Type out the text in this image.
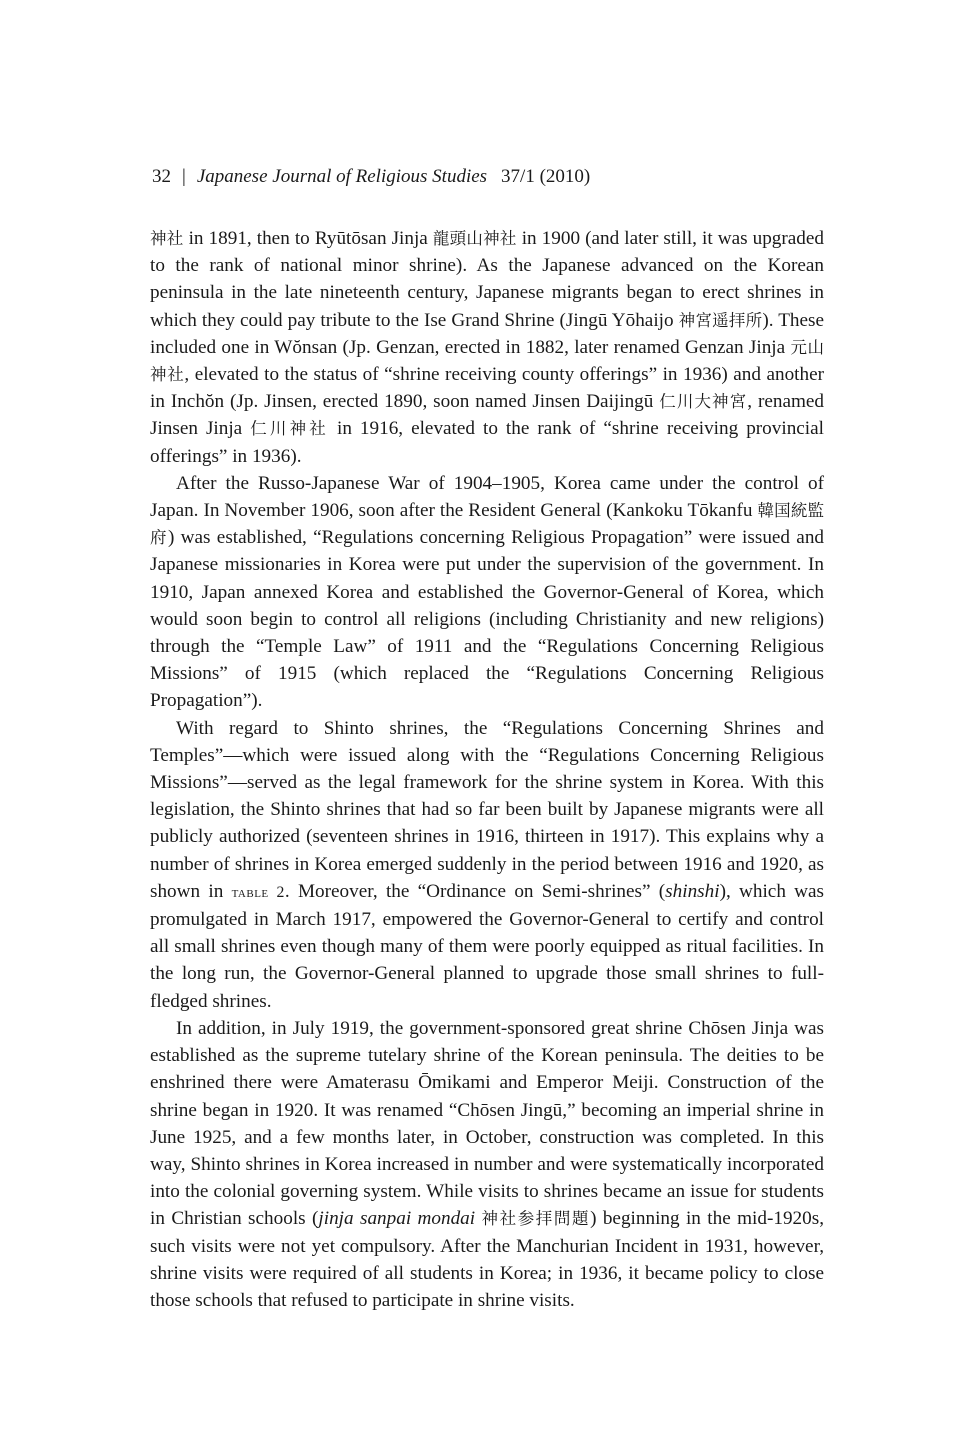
32 | Japanese Journal of Religious Studies 37/1 (2010)

神社 in 1891, then to Ryūtōsan Jinja 龍頭山神社 in 1900 (and later still, it was upgraded to the rank of national minor shrine). As the Japanese advanced on the Korean peninsula in the late nineteenth century, Japanese migrants began to erect shrines in which they could pay tribute to the Ise Grand Shrine (Jingū Yōhaijo 神宮遥拝所). These included one in Wŏnsan (Jp. Genzan, erected in 1882, later renamed Genzan Jinja 元山神社, elevated to the status of “shrine receiving county offerings” in 1936) and another in Inchŏn (Jp. Jinsen, erected 1890, soon named Jinsen Daijingū 仁川大神宮, renamed Jinsen Jinja 仁川神社 in 1916, elevated to the rank of “shrine receiving provincial offerings” in 1936).

After the Russo-Japanese War of 1904–1905, Korea came under the control of Japan. In November 1906, soon after the Resident General (Kankoku Tōkanfu 韓国統監府) was established, “Regulations concerning Religious Propagation” were issued and Japanese missionaries in Korea were put under the supervision of the government. In 1910, Japan annexed Korea and established the Governor-General of Korea, which would soon begin to control all religions (including Christianity and new religions) through the “Temple Law” of 1911 and the “Regulations Concerning Religious Missions” of 1915 (which replaced the “Regulations Concerning Religious Propagation”).

With regard to Shinto shrines, the “Regulations Concerning Shrines and Temples”—which were issued along with the “Regulations Concerning Religious Missions”—served as the legal framework for the shrine system in Korea. With this legislation, the Shinto shrines that had so far been built by Japanese migrants were all publicly authorized (seventeen shrines in 1916, thirteen in 1917). This explains why a number of shrines in Korea emerged suddenly in the period between 1916 and 1920, as shown in table 2. Moreover, the “Ordinance on Semi-shrines” (shinshi), which was promulgated in March 1917, empowered the Governor-General to certify and control all small shrines even though many of them were poorly equipped as ritual facilities. In the long run, the Governor-General planned to upgrade those small shrines to full-fledged shrines.

In addition, in July 1919, the government-sponsored great shrine Chōsen Jinja was established as the supreme tutelary shrine of the Korean peninsula. The deities to be enshrined there were Amaterasu Ōmikami and Emperor Meiji. Construction of the shrine began in 1920. It was renamed “Chōsen Jingū,” becoming an imperial shrine in June 1925, and a few months later, in October, construction was completed. In this way, Shinto shrines in Korea increased in number and were systematically incorporated into the colonial governing system. While visits to shrines became an issue for students in Christian schools (jinja sanpai mondai 神社参拝問題) beginning in the mid-1920s, such visits were not yet compulsory. After the Manchurian Incident in 1931, however, shrine visits were required of all students in Korea; in 1936, it became policy to close those schools that refused to participate in shrine visits.
